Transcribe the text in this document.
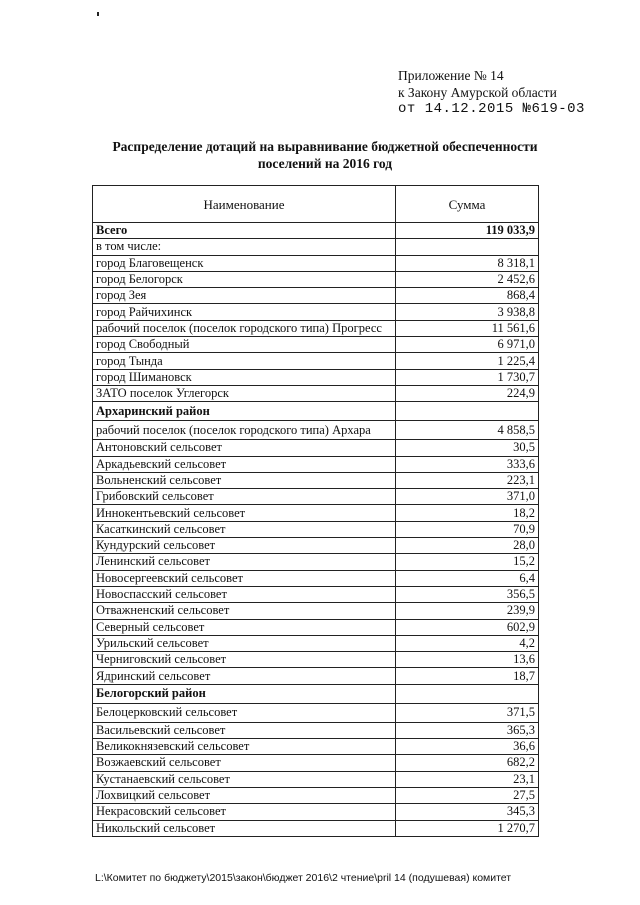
Приложение № 14
к Закону Амурской области
от 14.12.2015 №619-03
Распределение дотаций на выравнивание бюджетной обеспеченности
поселений на 2016 год
Наименование	Сумма
Всего	119 033,9
в том числе:	
город Благовещенск	8 318,1
город Белогорск	2 452,6
город Зея	868,4
город Райчихинск	3 938,8
рабочий поселок (поселок городского типа) Прогресс	11 561,6
город Свободный	6 971,0
город Тында	1 225,4
город Шимановск	1 730,7
ЗАТО поселок Углегорск	224,9
Архаринский район	
рабочий поселок (поселок городского типа) Архара	4 858,5
Антоновский сельсовет	30,5
Аркадьевский сельсовет	333,6
Вольненский сельсовет	223,1
Грибовский сельсовет	371,0
Иннокентьевский сельсовет	18,2
Касаткинский сельсовет	70,9
Кундурский сельсовет	28,0
Ленинский сельсовет	15,2
Новосергеевский сельсовет	6,4
Новоспасский сельсовет	356,5
Отважненский сельсовет	239,9
Северный сельсовет	602,9
Урильский сельсовет	4,2
Черниговский сельсовет	13,6
Ядринский сельсовет	18,7
Белогорский район	
Белоцерковский сельсовет	371,5
Васильевский сельсовет	365,3
Великокнязевский сельсовет	36,6
Возжаевский сельсовет	682,2
Кустанаевский сельсовет	23,1
Лохвицкий сельсовет	27,5
Некрасовский сельсовет	345,3
Никольский сельсовет	1 270,7
L:\Комитет по бюджету\2015\закон\бюджет 2016\2 чтение\pril 14 (подушевая) комитет
